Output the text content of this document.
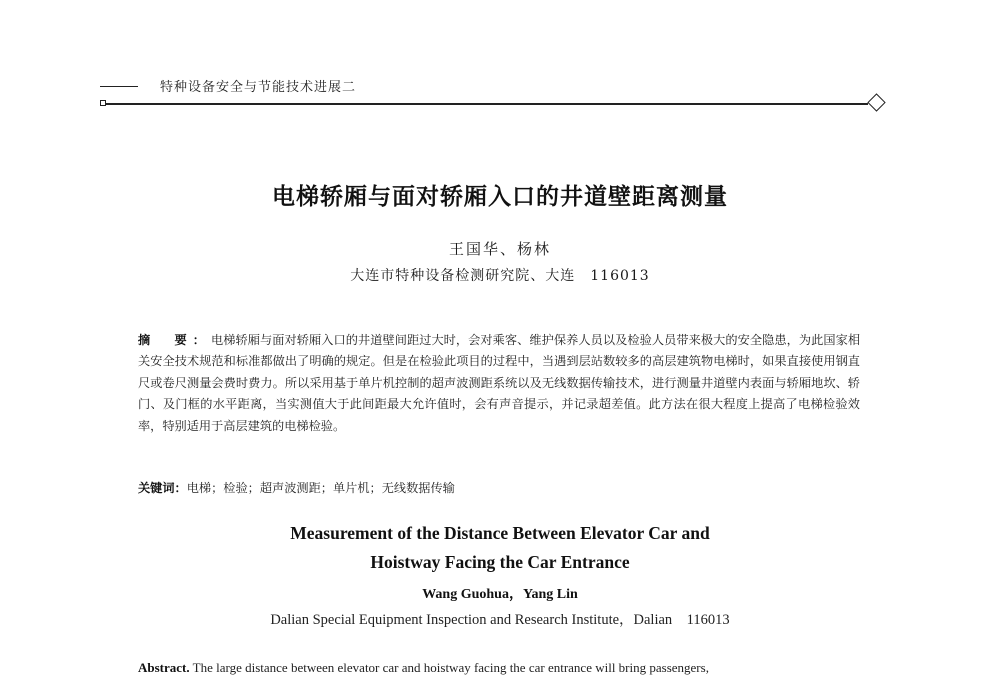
特种设备安全与节能技术进展二
电梯轿厢与面对轿厢入口的井道壁距离测量
王国华、杨林
大连市特种设备检测研究院、大连　116013
摘　要：电梯轿厢与面对轿厢入口的井道壁间距过大时，会对乘客、维护保养人员以及检验人员带来极大的安全隐患，为此国家相关安全技术规范和标准都做出了明确的规定。但是在检验此项目的过程中，当遇到层站数较多的高层建筑物电梯时，如果直接使用钢直尺或卷尺测量会费时费力。所以采用基于单片机控制的超声波测距系统以及无线数据传输技术，进行测量井道壁内表面与轿厢地坎、轿门、及门框的水平距离，当实测值大于此间距最大允许值时，会有声音提示，并记录超差值。此方法在很大程度上提高了电梯检验效率，特别适用于高层建筑的电梯检验。
关键词：电梯；检验；超声波测距；单片机；无线数据传输
Measurement of the Distance Between Elevator Car and
Hoistway Facing the Car Entrance
Wang Guohua，Yang Lin
Dalian Special Equipment Inspection and Research Institute，Dalian　116013
Abstract. The large distance between elevator car and hoistway facing the car entrance will bring passengers,
